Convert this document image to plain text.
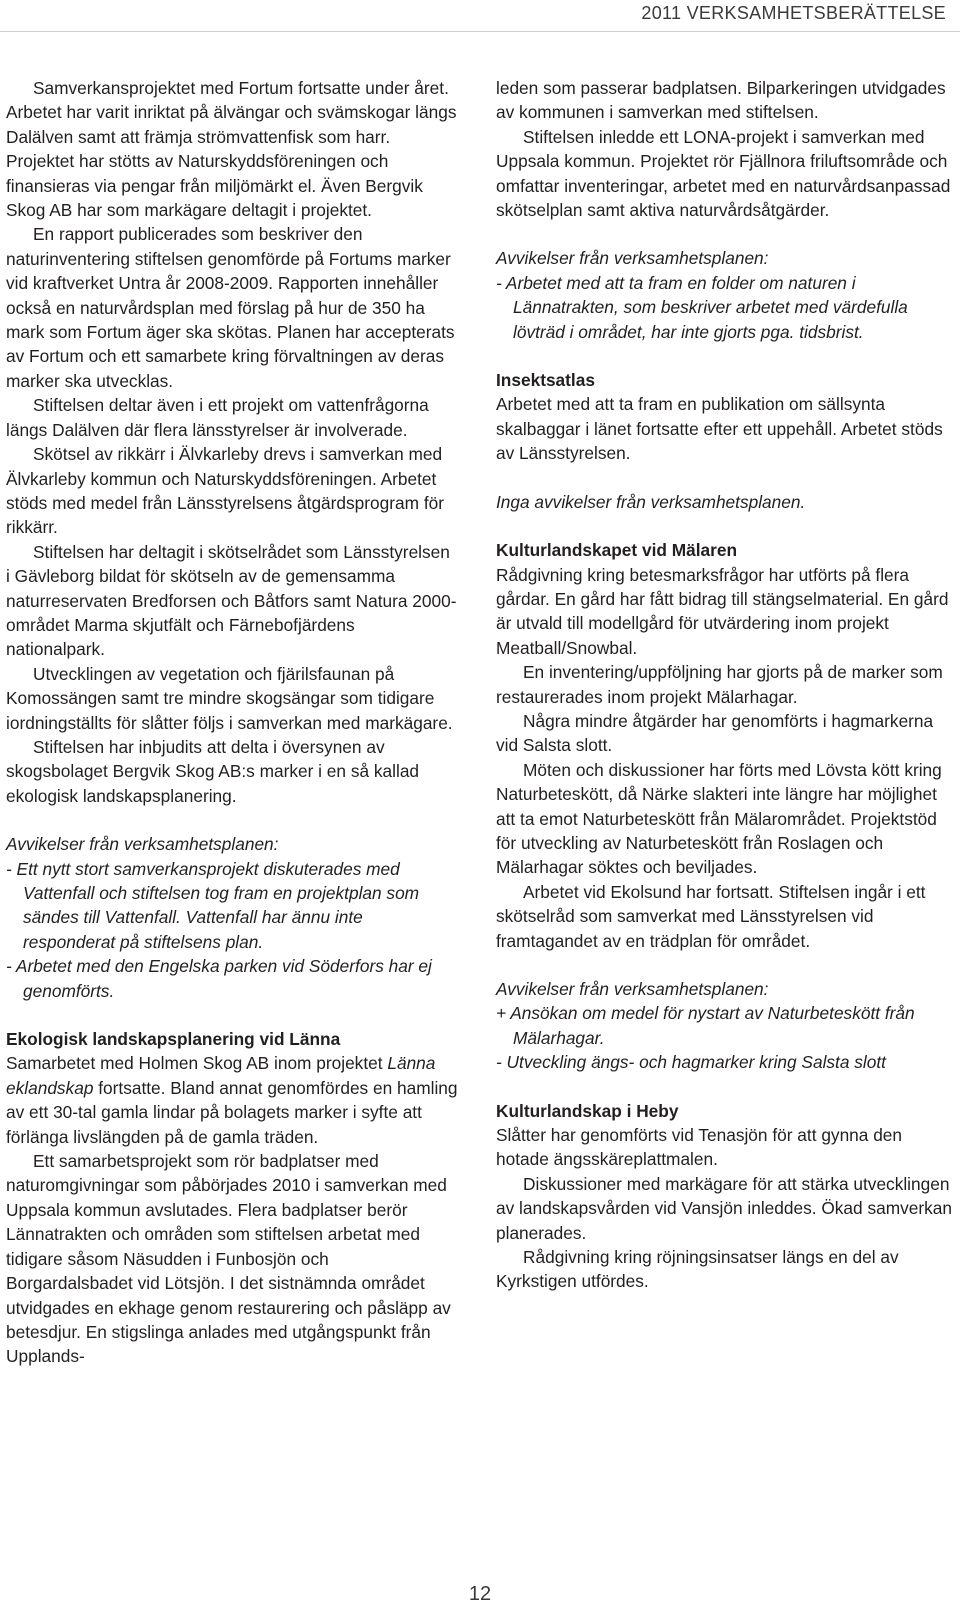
2011 VERKSAMHETSBERÄTTELSE

Samverkansprojektet med Fortum fortsatte under året. Arbetet har varit inriktat på älvängar och svämskogar längs Dalälven samt att främja strömvattenfisk som harr. Projektet har stötts av Naturskyddsföreningen och finansieras via pengar från miljömärkt el. Även Bergvik Skog AB har som markägare deltagit i projektet.

En rapport publicerades som beskriver den naturinventering stiftelsen genomförde på Fortums marker vid kraftverket Untra år 2008-2009. Rapporten innehåller också en naturvårdsplan med förslag på hur de 350 ha mark som Fortum äger ska skötas. Planen har accepterats av Fortum och ett samarbete kring förvaltningen av deras marker ska utvecklas.

Stiftelsen deltar även i ett projekt om vattenfrågorna längs Dalälven där flera länsstyrelser är involverade.

Skötsel av rikkärr i Älvkarleby drevs i samverkan med Älvkarleby kommun och Naturskyddsföreningen. Arbetet stöds med medel från Länsstyrelsens åtgärdsprogram för rikkärr.

Stiftelsen har deltagit i skötselrådet som Länsstyrelsen i Gävleborg bildat för skötseln av de gemensamma naturreservaten Bredforsen och Båtfors samt Natura 2000-området Marma skjutfält och Färnebofjärdens nationalpark.

Utvecklingen av vegetation och fjärilsfaunan på Komossängen samt tre mindre skogsängar som tidigare iordningställts för slåtter följs i samverkan med markägare.

Stiftelsen har inbjudits att delta i översynen av skogsbolaget Bergvik Skog AB:s marker i en så kallad ekologisk landskapsplanering.

Avvikelser från verksamhetsplanen:

- Ett nytt stort samverkansprojekt diskuterades med Vattenfall och stiftelsen tog fram en projektplan som sändes till Vattenfall. Vattenfall har ännu inte responderat på stiftelsens plan.

- Arbetet med den Engelska parken vid Söderfors har ej genomförts.

Ekologisk landskapsplanering vid Länna

Samarbetet med Holmen Skog AB inom projektet Länna eklandskap fortsatte. Bland annat genomfördes en hamling av ett 30-tal gamla lindar på bolagets marker i syfte att förlänga livslängden på de gamla träden.

Ett samarbetsprojekt som rör badplatser med naturomgivningar som påbörjades 2010 i samverkan med Uppsala kommun avslutades. Flera badplatser berör Lännatrakten och områden som stiftelsen arbetat med tidigare såsom Näsudden i Funbosjön och Borgardalsbadet vid Lötsjön. I det sistnämnda området utvidgades en ekhage genom restaurering och påsläpp av betesdjur. En stigslinga anlades med utgångspunkt från Upplands-

leden som passerar badplatsen. Bilparkeringen utvidgades av kommunen i samverkan med stiftelsen.

Stiftelsen inledde ett LONA-projekt i samverkan med Uppsala kommun. Projektet rör Fjällnora friluftsområde och omfattar inventeringar, arbetet med en naturvårdsanpassad skötselplan samt aktiva naturvårdsåtgärder.

Avvikelser från verksamhetsplanen:

- Arbetet med att ta fram en folder om naturen i Lännatrakten, som beskriver arbetet med värdefulla lövträd i området, har inte gjorts pga. tidsbrist.

Insektsatlas

Arbetet med att ta fram en publikation om sällsynta skalbaggar i länet fortsatte efter ett uppehåll. Arbetet stöds av Länsstyrelsen.

Inga avvikelser från verksamhetsplanen.

Kulturlandskapet vid Mälaren

Rådgivning kring betesmarksfrågor har utförts på flera gårdar. En gård har fått bidrag till stängselmaterial. En gård är utvald till modellgård för utvärdering inom projekt Meatball/Snowbal.

En inventering/uppföljning har gjorts på de marker som restaurerades inom projekt Mälarhagar.

Några mindre åtgärder har genomförts i hagmarkerna vid Salsta slott.

Möten och diskussioner har förts med Lövsta kött kring Naturbeteskött, då Närke slakteri inte längre har möjlighet att ta emot Naturbeteskött från Mälarområdet. Projektstöd för utveckling av Naturbeteskött från Roslagen och Mälarhagar söktes och beviljades.

Arbetet vid Ekolsund har fortsatt. Stiftelsen ingår i ett skötselråd som samverkat med Länsstyrelsen vid framtagandet av en trädplan för området.

Avvikelser från verksamhetsplanen:

+ Ansökan om medel för nystart av Naturbeteskött från Mälarhagar.

- Utveckling ängs- och hagmarker kring Salsta slott

Kulturlandskap i Heby

Slåtter har genomförts vid Tenasjön för att gynna den hotade ängsskäreplattmalen.

Diskussioner med markägare för att stärka utvecklingen av landskapsvården vid Vansjön inleddes. Ökad samverkan planerades.

Rådgivning kring röjningsinsatser längs en del av Kyrkstigen utfördes.

12
